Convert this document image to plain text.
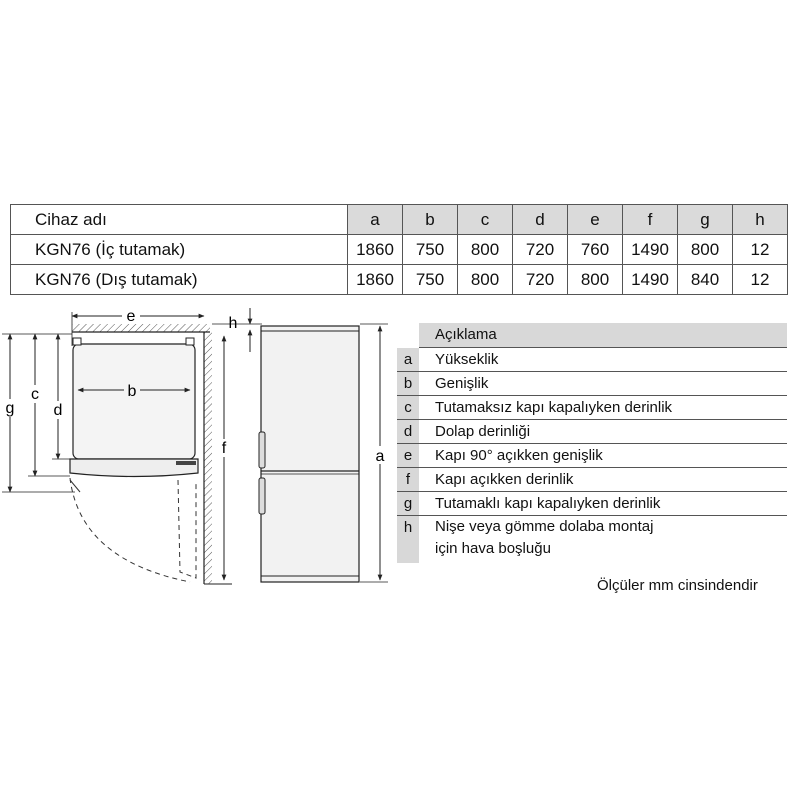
Cihaz adı	a	b	c	d	e	f	g	h
KGN76 (İç tutamak)	1860	750	800	720	760	1490	800	12
KGN76 (Dış tutamak)	1860	750	800	720	800	1490	840	12
e
b
g
c
d
f
h
a
Açıklama
a	Yükseklik
b	Genişlik
c	Tutamaksız kapı kapalıyken derinlik
d	Dolap derinliği
e	Kapı 90° açıkken genişlik
f	Kapı açıkken derinlik
g	Tutamaklı kapı kapalıyken derinlik
h	Nişe veya gömme dolaba montaj
için hava boşluğu
Ölçüler mm cinsindendir
